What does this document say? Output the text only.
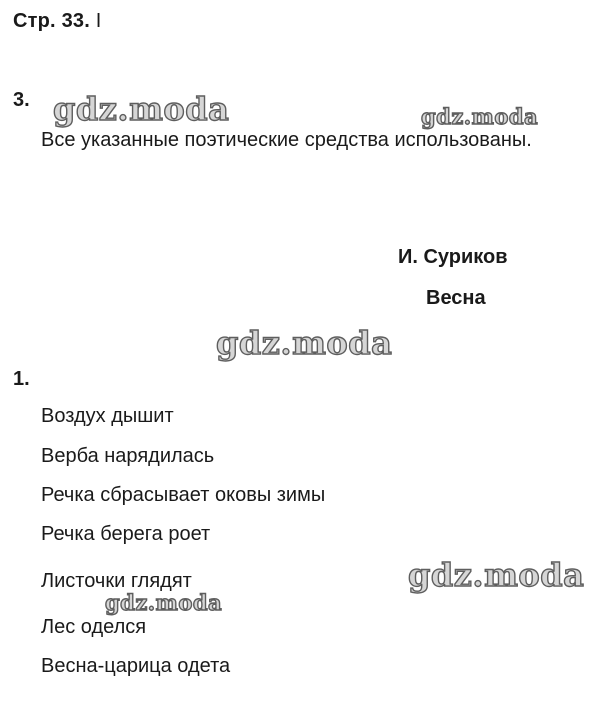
Стр. 33. I
gdz.moda	gdz.moda
gdz.moda
gdz.moda
gdz.moda
3.
Все указанные поэтические средства использованы.
И. Суриков
Весна
1.
Воздух дышит
Верба нарядилась
Речка сбрасывает оковы зимы
Речка берега роет
Листочки глядят
Лес оделся
Весна-царица одета
